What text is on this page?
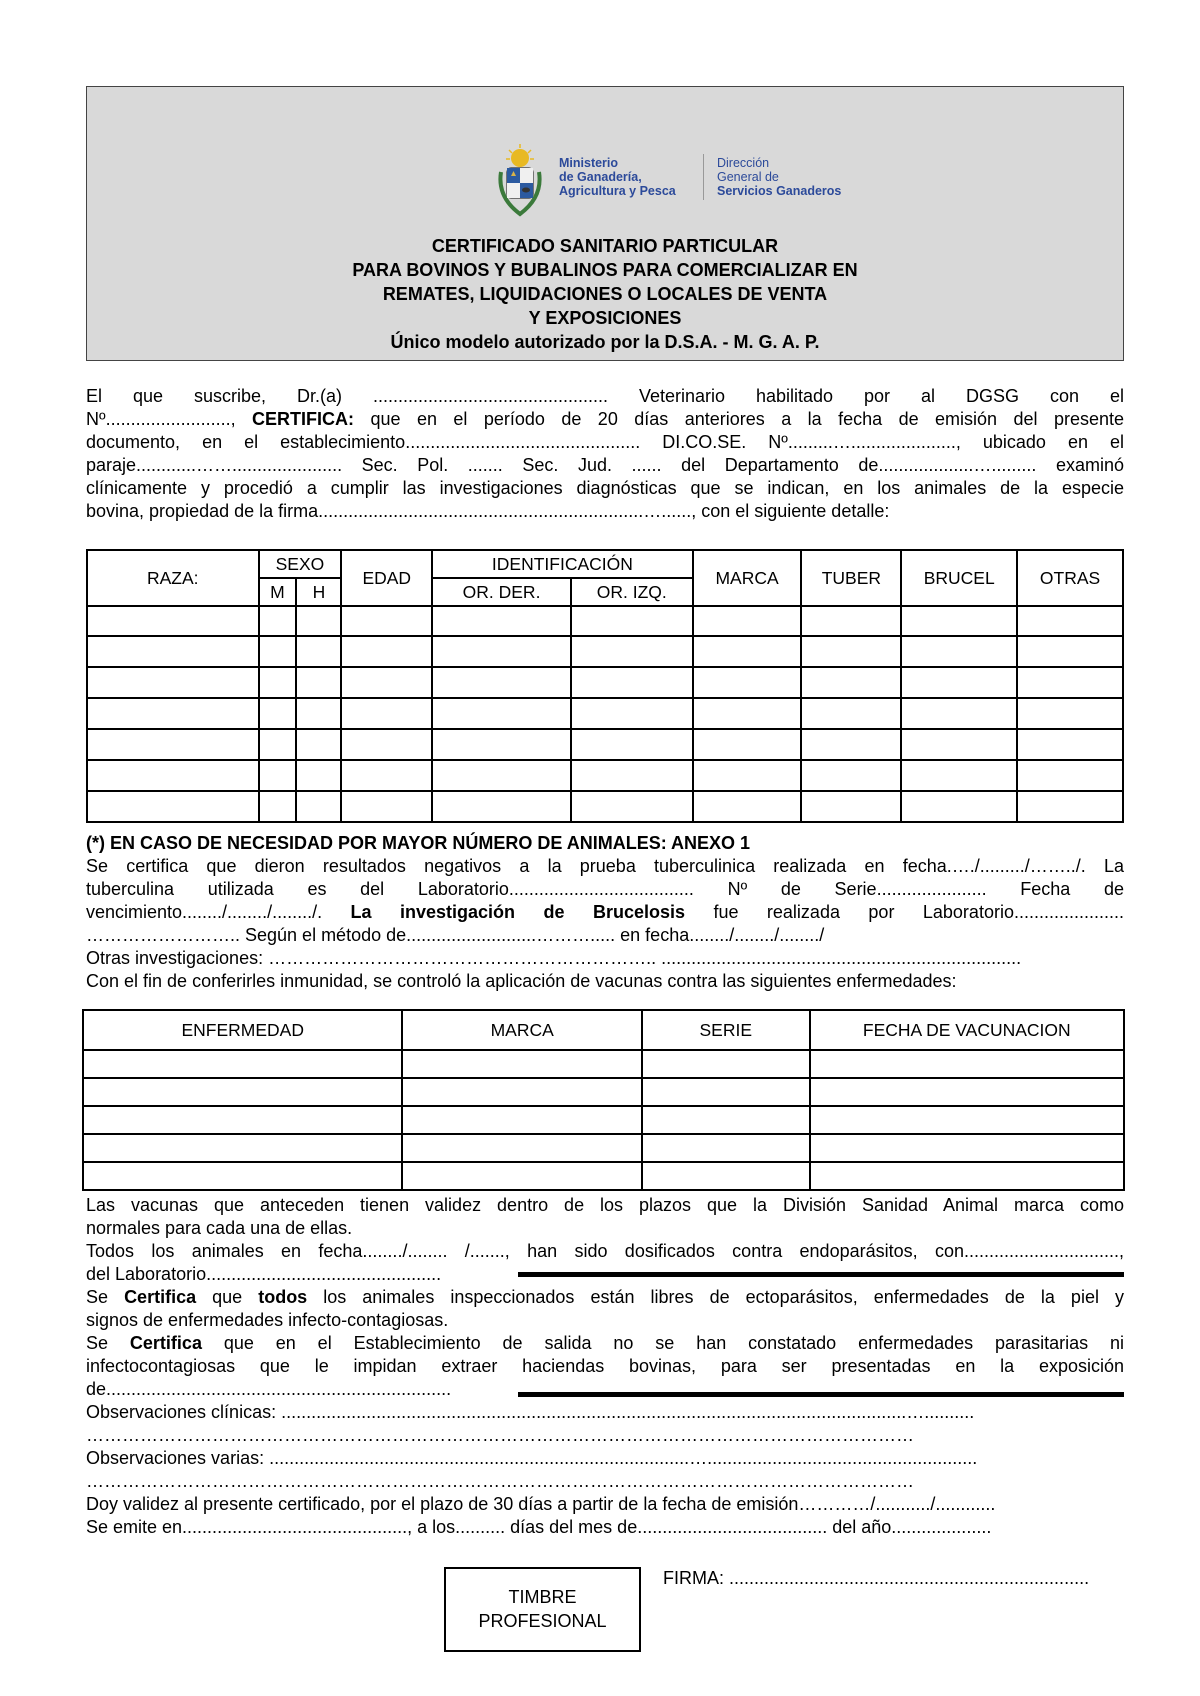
Ministerio
de Ganadería,
Agricultura y Pesca
Dirección
General de
Servicios Ganaderos
CERTIFICADO SANITARIO PARTICULAR
PARA BOVINOS Y BUBALINOS PARA COMERCIALIZAR EN
REMATES, LIQUIDACIONES O LOCALES DE VENTA
Y EXPOSICIONES
Único modelo autorizado por la D.S.A. - M. G. A. P.
El que suscribe, Dr.(a) ............................................... Veterinario habilitado por al DGSG con el
Nº........................., CERTIFICA: que en el período de 20 días anteriores a la fecha de emisión del presente
documento, en el establecimiento............................................... DI.CO.SE. Nº.........…....................., ubicado en el
paraje............……...................... Sec. Pol. ....... Sec. Jud. ...... del Departamento de...................…......... examinó
clínicamente y procedió a cumplir las investigaciones diagnósticas que se indican, en los animales de la especie
bovina, propiedad de la firma.................................................................…......, con el siguiente detalle:
RAZA:	SEXO		EDAD	IDENTIFICACIÓN		MARCA	TUBER	BRUCEL	OTRAS
	M	H		OR. DER.	OR. IZQ.				

(*) EN CASO DE NECESIDAD POR MAYOR NÚMERO DE ANIMALES: ANEXO 1
Se certifica que dieron resultados negativos a la prueba tuberculinica realizada en fecha.…./........./……../. La
tuberculina utilizada es del Laboratorio..................................... Nº de Serie...................... Fecha de
vencimiento......../......../......../. La investigación de Brucelosis fue realizada por Laboratorio......................
…………………….. Según el método de..........................………..... en fecha......../......../......../
Otras investigaciones: ……………………………………………………….. ........................................................................
Con el fin de conferirles inmunidad, se controló la aplicación de vacunas contra las siguientes enfermedades:
ENFERMEDAD	MARCA	SERIE	FECHA DE VACUNACION

Las vacunas que anteceden tienen validez dentro de los plazos que la División Sanidad Animal marca como
normales para cada una de ellas.
Todos los animales en fecha......../........ /......., han sido dosificados contra endoparásitos, con...............................,
del Laboratorio...............................................
Se Certifica que todos los animales inspeccionados están libres de ectoparásitos, enfermedades de la piel y
signos de enfermedades infecto-contagiosas.
Se Certifica que en el Establecimiento de salida no se han constatado enfermedades parasitarias ni
infectocontagiosas que le impidan extraer haciendas bovinas, para ser presentadas en la exposición
de.....................................................................
Observaciones clínicas: .............................................................................................................................…..........
…………………………………………………………………………………………………………………………
Observaciones varias: ....................................................................................…......................................................
…………………………………………………………………………………………………………………………
Doy validez al presente certificado, por el plazo de 30 días a partir de la fecha de emisión…………/.........../............
Se emite en............................................., a los.......... días del mes de...................................... del año....................
TIMBRE
PROFESIONAL
FIRMA: ........................................................................
